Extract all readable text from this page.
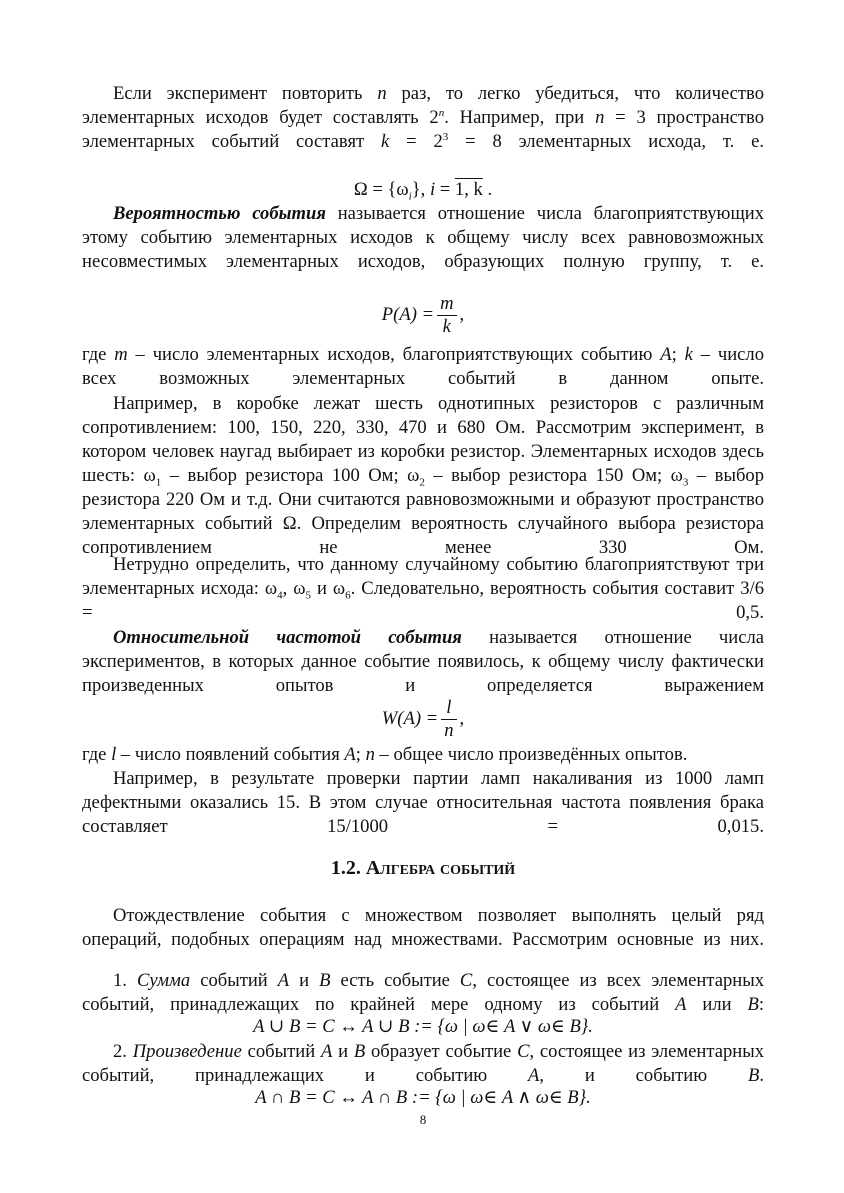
Если эксперимент повторить n раз, то легко убедиться, что количество элементарных исходов будет составлять 2$^n$. Например, при n = 3 пространство элементарных событий составят $k = 2^3 = 8$ элементарных исхода, т. е.
$\Omega = \{\omega_i\}$, i = 1, k .
Вероятностью события называется отношение числа благоприятствующих этому событию элементарных исходов к общему числу всех равновозможных несовместимых элементарных исходов, образующих полную группу, т. е.
$P(A) = \frac{m}{k}$ ,
где m – число элементарных исходов, благоприятствующих событию A; k – число всех возможных элементарных событий в данном опыте.
Например, в коробке лежат шесть однотипных резисторов с различным сопротивлением: 100, 150, 220, 330, 470 и 680 Ом. Рассмотрим эксперимент, в котором человек наугад выбирает из коробки резистор. Элементарных исходов здесь шесть: $\omega_1$ – выбор резистора 100 Ом; $\omega_2$ – выбор резистора 150 Ом; $\omega_3$ – выбор резистора 220 Ом и т.д. Они считаются равновозможными и образуют пространство элементарных событий Ω. Определим вероятность случайного выбора резистора сопротивлением не менее 330 Ом.
Нетрудно определить, что данному случайному событию благоприятствуют три элементарных исхода: $\omega_4$, $\omega_5$ и $\omega_6$. Следовательно, вероятность события составит 3/6 = 0,5.
Относительной частотой события называется отношение числа экспериментов, в которых данное событие появилось, к общему числу фактически произведенных опытов и определяется выражением
$W(A) = \frac{l}{n}$ ,
где l – число появлений события A; n – общее число произведённых опытов.
Например, в результате проверки партии ламп накаливания из 1000 ламп дефектными оказались 15. В этом случае относительная частота появления брака составляет 15/1000 = 0,015.
1.2. Алгебра событий
Отождествление события с множеством позволяет выполнять целый ряд операций, подобных операциям над множествами. Рассмотрим основные из них.
1. Сумма событий A и B есть событие C, состоящее из всех элементарных событий, принадлежащих по крайней мере одному из событий A или B:
A ∪ B = C ↔ A ∪ B := {ω | ω∈ A ∨ ω∈ B}.
2. Произведение событий A и B образует событие C, состоящее из элементарных событий, принадлежащих и событию A, и событию B.
A ∩ B = C ↔ A ∩ B := {ω | ω∈ A ∧ ω∈ B}.
8
